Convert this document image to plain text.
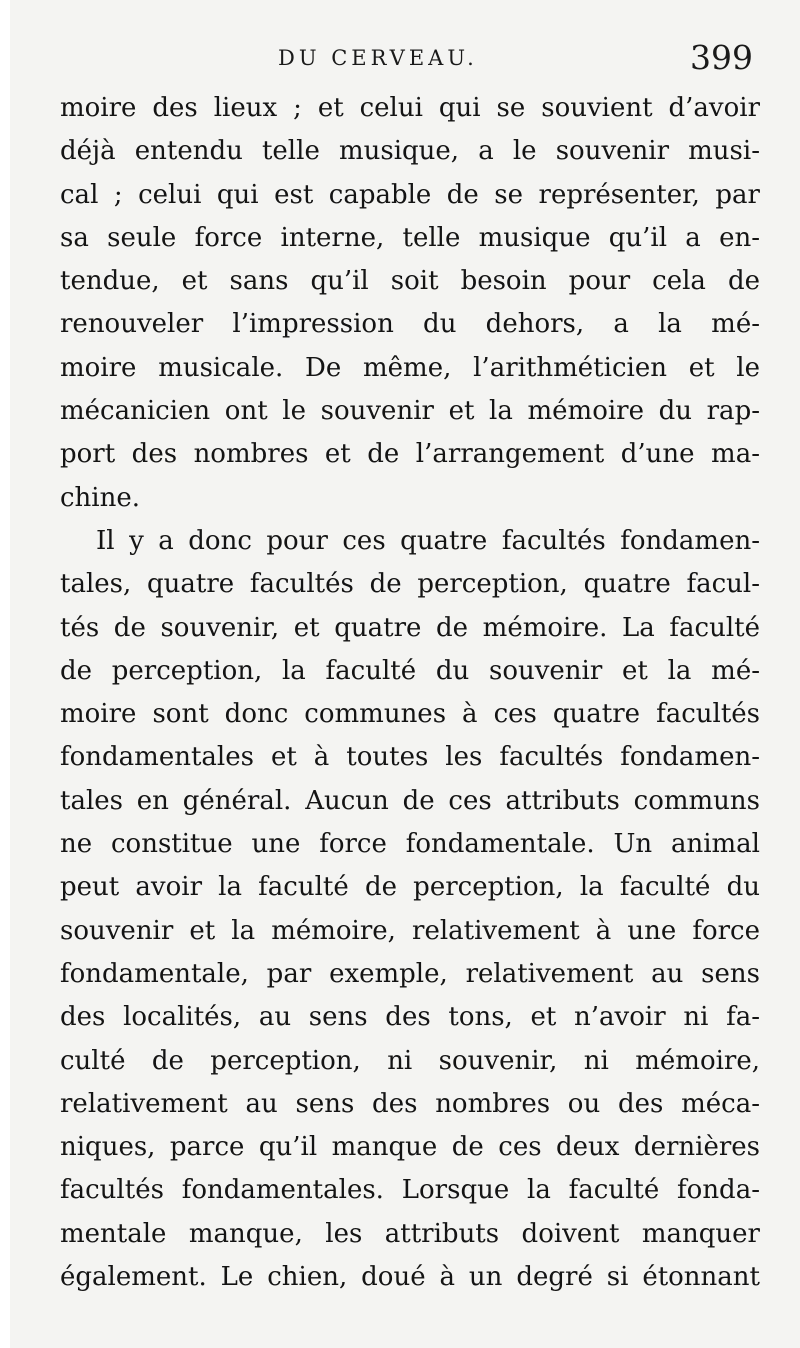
DU CERVEAU.	399
moire des lieux ; et celui qui se souvient d’avoir
déjà entendu telle musique, a le souvenir musi-
cal ; celui qui est capable de se représenter, par
sa seule force interne, telle musique qu’il a en-
tendue, et sans qu’il soit besoin pour cela de
renouveler l’impression du dehors, a la mé-
moire musicale. De même, l’arithméticien et le
mécanicien ont le souvenir et la mémoire du rap-
port des nombres et de l’arrangement d’une ma-
chine.
Il y a donc pour ces quatre facultés fondamen-
tales, quatre facultés de perception, quatre facul-
tés de souvenir, et quatre de mémoire. La faculté
de perception, la faculté du souvenir et la mé-
moire sont donc communes à ces quatre facultés
fondamentales et à toutes les facultés fondamen-
tales en général. Aucun de ces attributs communs
ne constitue une force fondamentale. Un animal
peut avoir la faculté de perception, la faculté du
souvenir et la mémoire, relativement à une force
fondamentale, par exemple, relativement au sens
des localités, au sens des tons, et n’avoir ni fa-
culté de perception, ni souvenir, ni mémoire,
relativement au sens des nombres ou des méca-
niques, parce qu’il manque de ces deux dernières
facultés fondamentales. Lorsque la faculté fonda-
mentale manque, les attributs doivent manquer
également. Le chien, doué à un degré si étonnant
